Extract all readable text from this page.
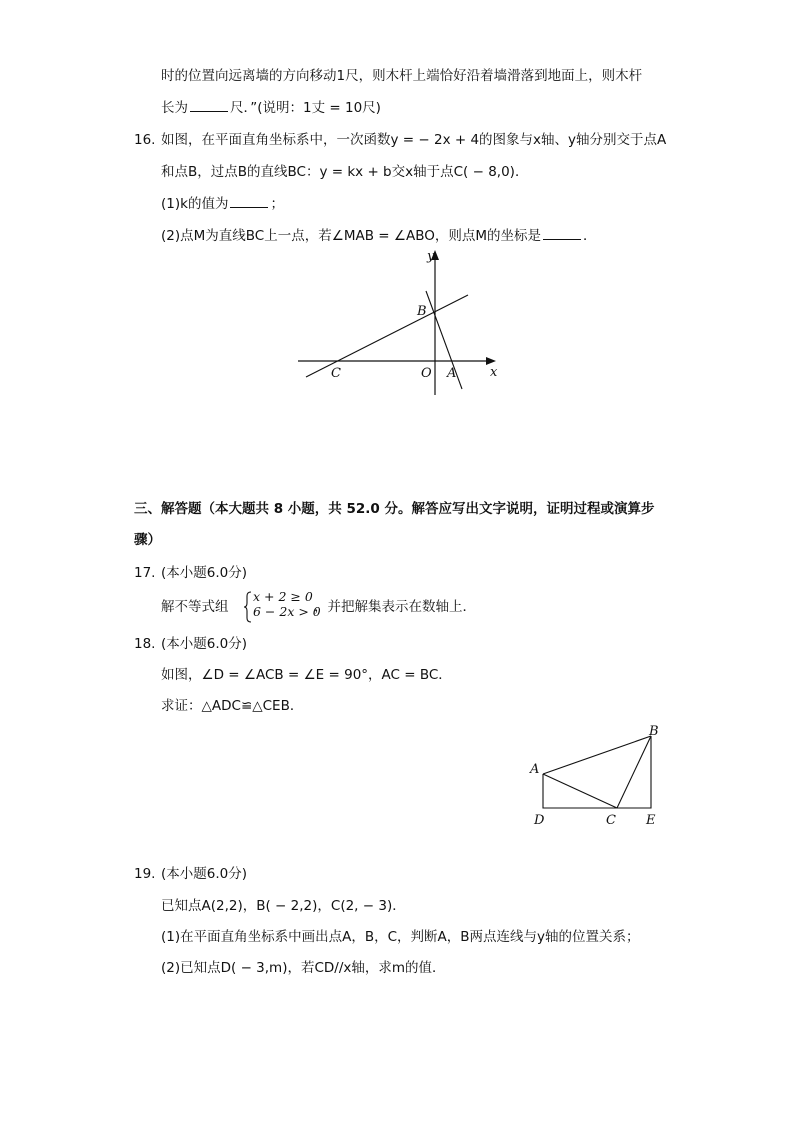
时的位置向远离墙的方向移动1尺，则木杆上端恰好沿着墙滑落到地面上，则木杆
长为	尺．”(说明：1丈 = 10尺)
16. 如图，在平面直角坐标系中，一次函数y = − 2x + 4的图象与x轴、y轴分别交于点A
和点B，过点B的直线BC：y = kx + b交x轴于点C( − 8,0)．
(1)k的值为	；
(2)点M为直线BC上一点，若∠MAB = ∠ABO，则点M的坐标是	．
y
x
B
C	O A
三、解答题（本大题共 8 小题，共 52.0 分。解答应写出文字说明，证明过程或演算步
骤）
17. (本小题6.0分)
解不等式组
x + 2 ≥ 0
6 − 2x > 0
，并把解集表示在数轴上．
18. (本小题6.0分)
如图，∠D = ∠ACB = ∠E = 90°，AC = BC．
求证：△ADC≌△CEB．
A
B
C
D	E
19. (本小题6.0分)
已知点A(2,2)，B( − 2,2)，C(2, − 3)．
(1)在平面直角坐标系中画出点A，B，C，判断A，B两点连线与y轴的位置关系；
(2)已知点D( − 3,m)，若CD//x轴，求m的值．
